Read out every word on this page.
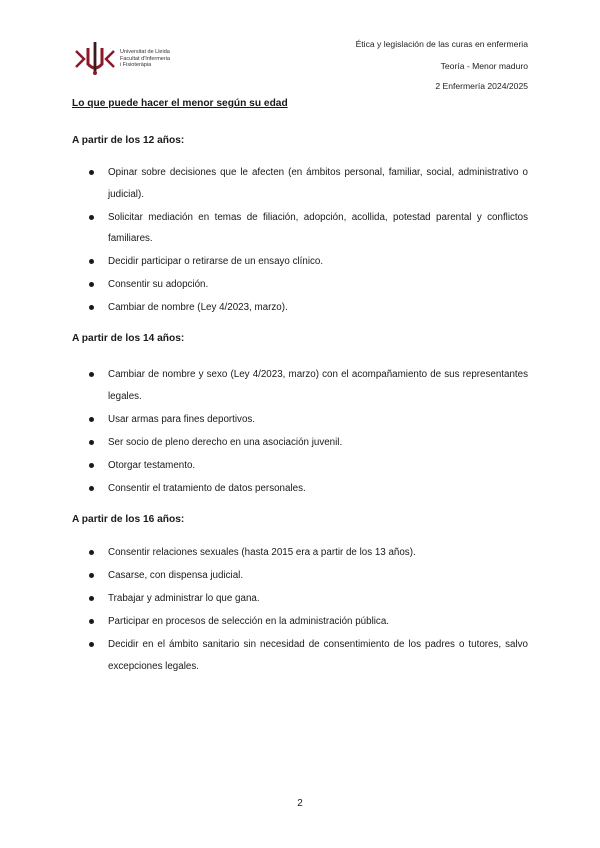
Universitat de Lleida
Facultat d'Infermeria
i Fisioteràpia
Ética y legislación de las curas en enfermeria
Teoría - Menor maduro
2 Enfermería 2024/2025
Lo que puede hacer el menor según su edad
A partir de los 12 años:
Opinar sobre decisiones que le afecten (en ámbitos personal, familiar, social, administrativo o judicial).
Solicitar mediación en temas de filiación, adopción, acollida, potestad parental y conflictos familiares.
Decidir participar o retirarse de un ensayo clínico.
Consentir su adopción.
Cambiar de nombre (Ley 4/2023, marzo).
A partir de los 14 años:
Cambiar de nombre y sexo (Ley 4/2023, marzo) con el acompañamiento de sus representantes legales.
Usar armas para fines deportivos.
Ser socio de pleno derecho en una asociación juvenil.
Otorgar testamento.
Consentir el tratamiento de datos personales.
A partir de los 16 años:
Consentir relaciones sexuales (hasta 2015 era a partir de los 13 años).
Casarse, con dispensa judicial.
Trabajar y administrar lo que gana.
Participar en procesos de selección en la administración pública.
Decidir en el ámbito sanitario sin necesidad de consentimiento de los padres o tutores, salvo excepciones legales.
2
